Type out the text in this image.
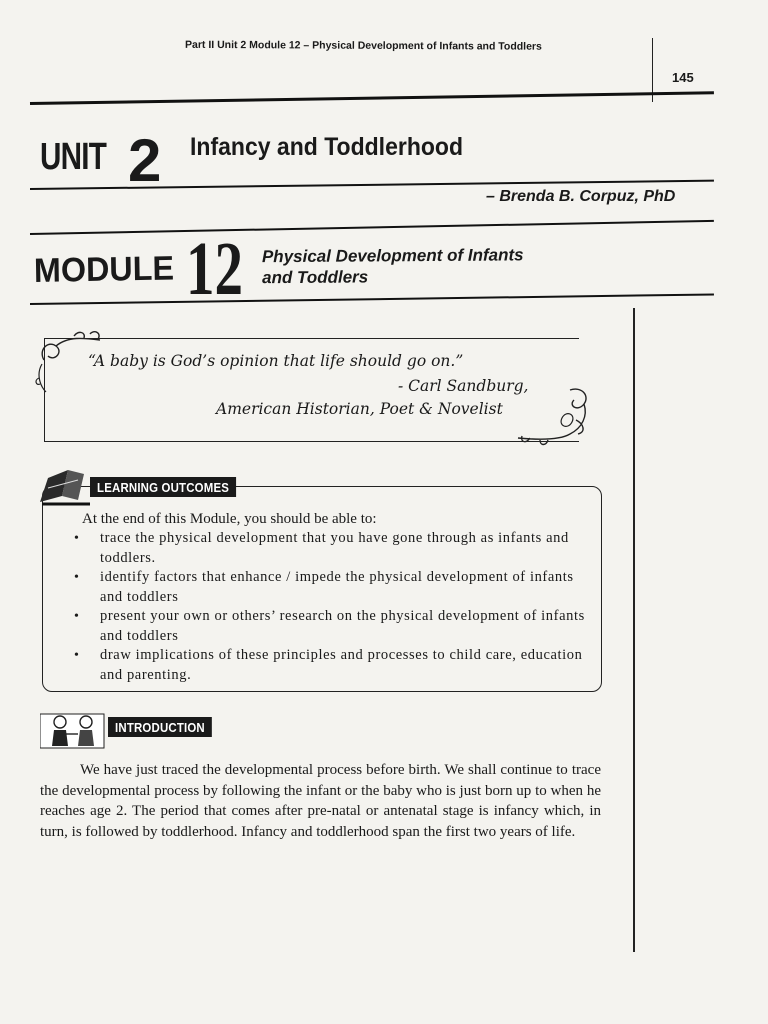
Part II Unit 2 Module 12 – Physical Development of Infants and Toddlers
145
UNIT 2 Infancy and Toddlerhood
– Brenda B. Corpuz, PhD
MODULE 12 Physical Development of Infants
and Toddlers
“A baby is God’s opinion that life should go on.”
- Carl Sandburg,
American Historian, Poet & Novelist
LEARNING OUTCOMES
At the end of this Module, you should be able to:
• trace the physical development that you have gone through as infants and toddlers.
• identify factors that enhance / impede the physical development of infants and toddlers
• present your own or others’ research on the physical development of infants and toddlers
• draw implications of these principles and processes to child care, education and parenting.
INTRODUCTION
We have just traced the developmental process before birth. We shall continue to trace the developmental process by following the infant or the baby who is just born up to when he reaches age 2. The period that comes after pre-natal or antenatal stage is infancy which, in turn, is followed by toddlerhood. Infancy and toddlerhood span the first two years of life.
